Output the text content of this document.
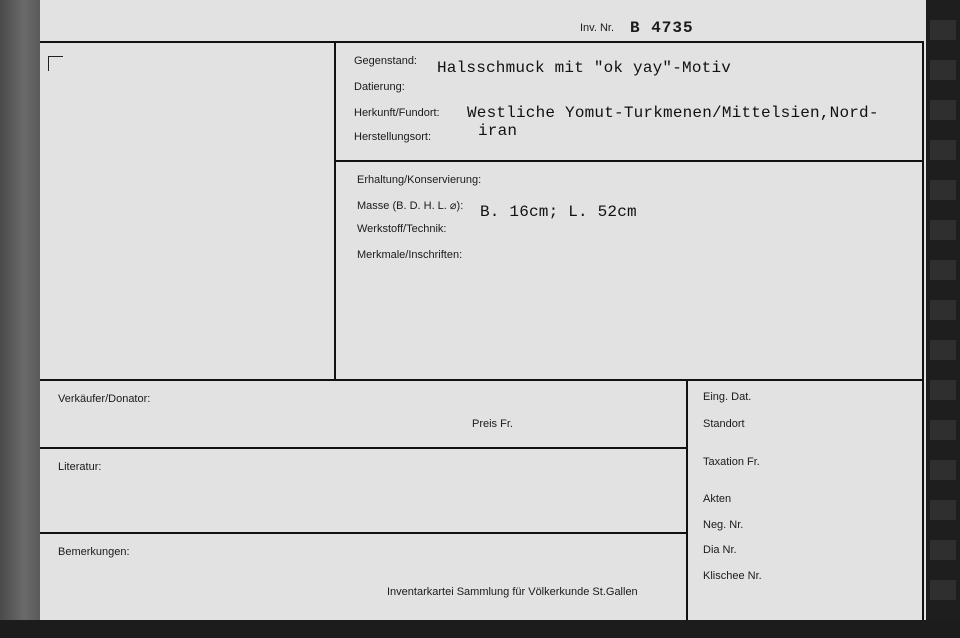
Inv. Nr. B 4735
Gegenstand: Halsschmuck mit "ok yay"-Motiv
Datierung:
Herkunft/Fundort: Westliche Yomut-Turkmenen/Mittelsien,Nord-
iran
Herstellungsort:
Erhaltung/Konservierung:
Masse (B. D. H. L. ⌀): B. 16cm; L. 52cm
Werkstoff/Technik:
Merkmale/Inschriften:
Verkäufer/Donator:
Preis Fr.
Literatur:
Bemerkungen:
Inventarkartei Sammlung für Völkerkunde St.Gallen
Eing. Dat.
Standort
Taxation Fr.
Akten
Neg. Nr.
Dia Nr.
Klischee Nr.
